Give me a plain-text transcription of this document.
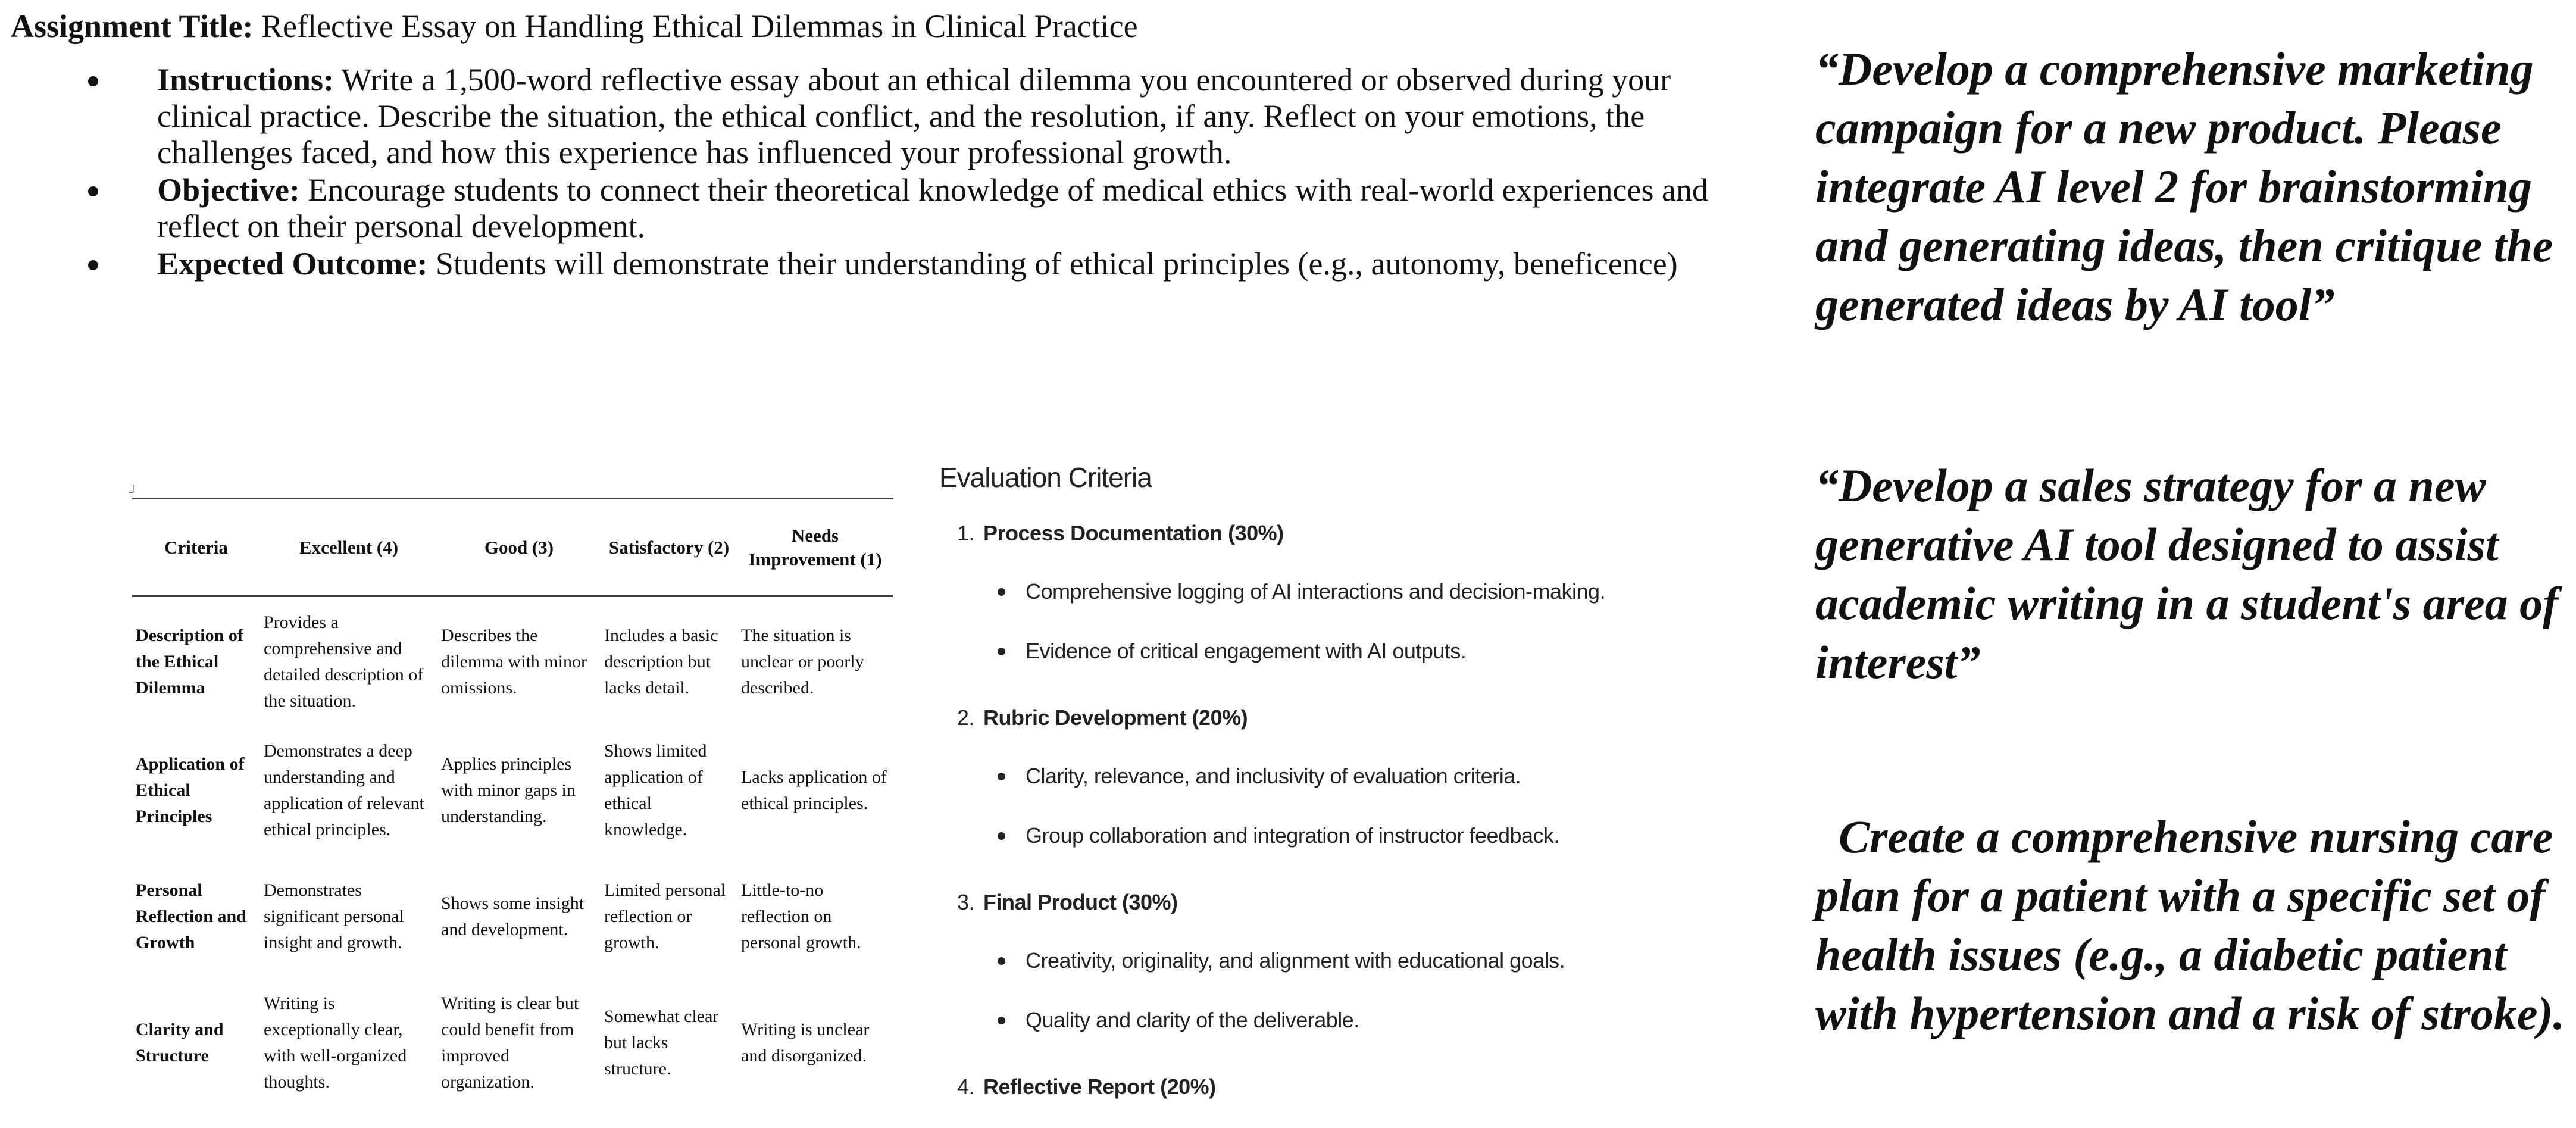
Assignment Title: Reflective Essay on Handling Ethical Dilemmas in Clinical Practice
Instructions: Write a 1,500-word reflective essay about an ethical dilemma you encountered or observed during your clinical practice. Describe the situation, the ethical conflict, and the resolution, if any. Reflect on your emotions, the challenges faced, and how this experience has influenced your professional growth.
Objective: Encourage students to connect their theoretical knowledge of medical ethics with real-world experiences and reflect on their personal development.
Expected Outcome: Students will demonstrate their understanding of ethical principles (e.g., autonomy, beneficence)
┘
Criteria	Excellent (4)	Good (3)	Satisfactory (2)	Needs Improvement (1)
Description of the Ethical Dilemma	Provides a comprehensive and detailed description of the situation.	Describes the dilemma with minor omissions.	Includes a basic description but lacks detail.	The situation is unclear or poorly described.
Application of Ethical Principles	Demonstrates a deep understanding and application of relevant ethical principles.	Applies principles with minor gaps in understanding.	Shows limited application of ethical knowledge.	Lacks application of ethical principles.
Personal Reflection and Growth	Demonstrates significant personal insight and growth.	Shows some insight and development.	Limited personal reflection or growth.	Little-to-no reflection on personal growth.
Clarity and Structure	Writing is exceptionally clear, with well-organized thoughts.	Writing is clear but could benefit from improved organization.	Somewhat clear but lacks structure.	Writing is unclear and disorganized.
Evaluation Criteria
1. Process Documentation (30%)
Comprehensive logging of AI interactions and decision-making.
Evidence of critical engagement with AI outputs.
2. Rubric Development (20%)
Clarity, relevance, and inclusivity of evaluation criteria.
Group collaboration and integration of instructor feedback.
3. Final Product (30%)
Creativity, originality, and alignment with educational goals.
Quality and clarity of the deliverable.
4. Reflective Report (20%)
“Develop a comprehensive marketing campaign for a new product. Please integrate AI level 2 for brainstorming and generating ideas, then critique the generated ideas by AI tool”
“Develop a sales strategy for a new generative AI tool designed to assist academic writing in a student's area of interest”
Create a comprehensive nursing care plan for a patient with a specific set of health issues (e.g., a diabetic patient with hypertension and a risk of stroke).
